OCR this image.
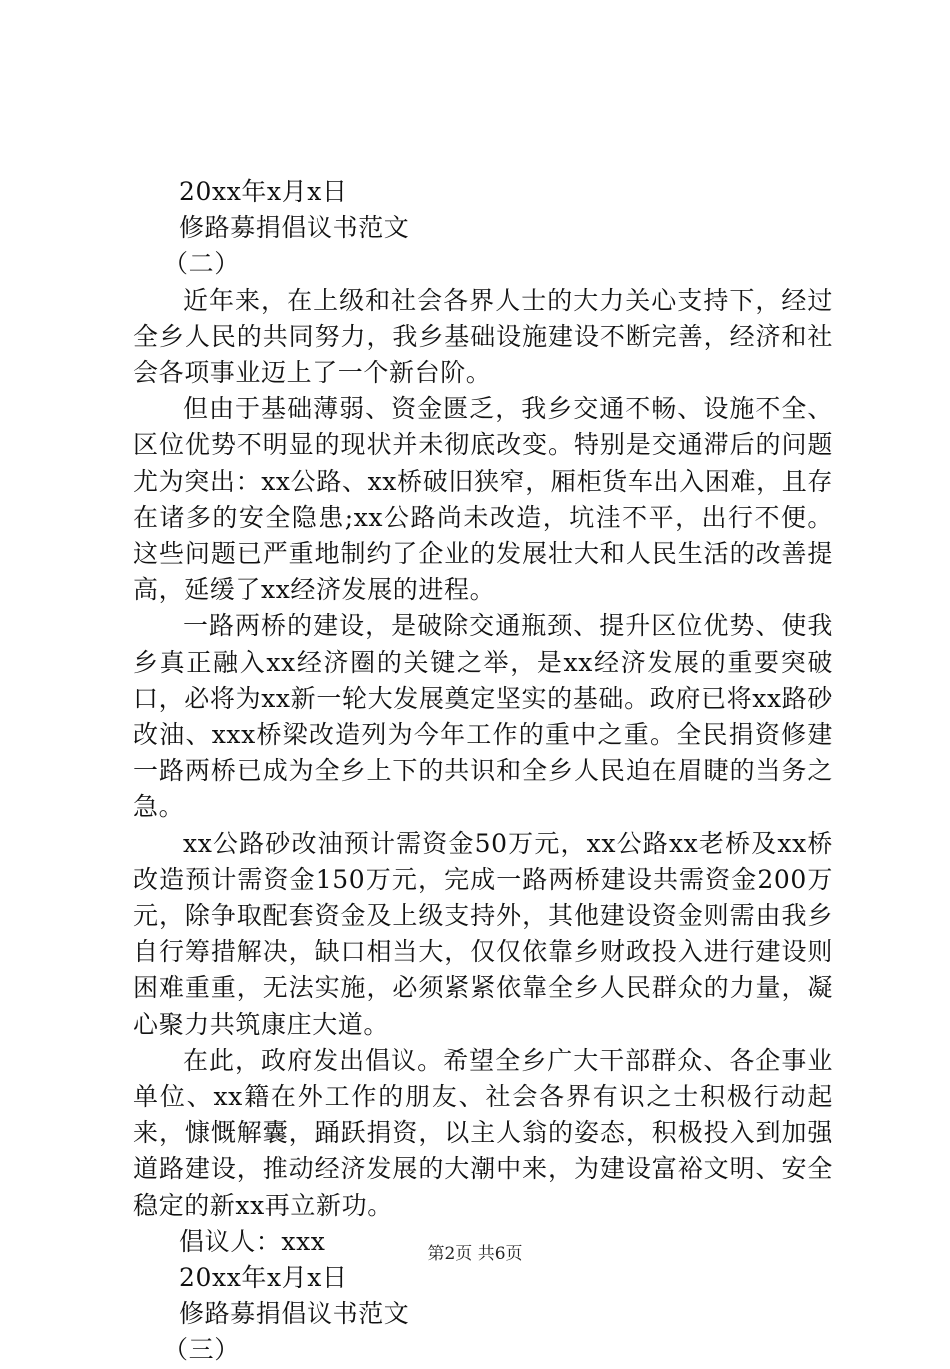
20xx年x月x日
修路募捐倡议书范文
（二）

近年来，在上级和社会各界人士的大力关心支持下，经过全乡人民的共同努力，我乡基础设施建设不断完善，经济和社会各项事业迈上了一个新台阶。

但由于基础薄弱、资金匮乏，我乡交通不畅、设施不全、区位优势不明显的现状并未彻底改变。特别是交通滞后的问题尤为突出：xx公路、xx桥破旧狭窄，厢柜货车出入困难，且存在诸多的安全隐患;xx公路尚未改造，坑洼不平，出行不便。这些问题已严重地制约了企业的发展壮大和人民生活的改善提高，延缓了xx经济发展的进程。

一路两桥的建设，是破除交通瓶颈、提升区位优势、使我乡真正融入xx经济圈的关键之举，是xx经济发展的重要突破口，必将为xx新一轮大发展奠定坚实的基础。政府已将xx路砂改油、xxx桥梁改造列为今年工作的重中之重。全民捐资修建一路两桥已成为全乡上下的共识和全乡人民迫在眉睫的当务之急。

xx公路砂改油预计需资金50万元，xx公路xx老桥及xx桥改造预计需资金150万元，完成一路两桥建设共需资金200万元，除争取配套资金及上级支持外，其他建设资金则需由我乡自行筹措解决，缺口相当大，仅仅依靠乡财政投入进行建设则困难重重，无法实施，必须紧紧依靠全乡人民群众的力量，凝心聚力共筑康庄大道。

在此，政府发出倡议。希望全乡广大干部群众、各企事业单位、xx籍在外工作的朋友、社会各界有识之士积极行动起来，慷慨解囊，踊跃捐资，以主人翁的姿态，积极投入到加强道路建设，推动经济发展的大潮中来，为建设富裕文明、安全稳定的新xx再立新功。

倡议人：xxx
20xx年x月x日
修路募捐倡议书范文
（三）
第2页 共6页
